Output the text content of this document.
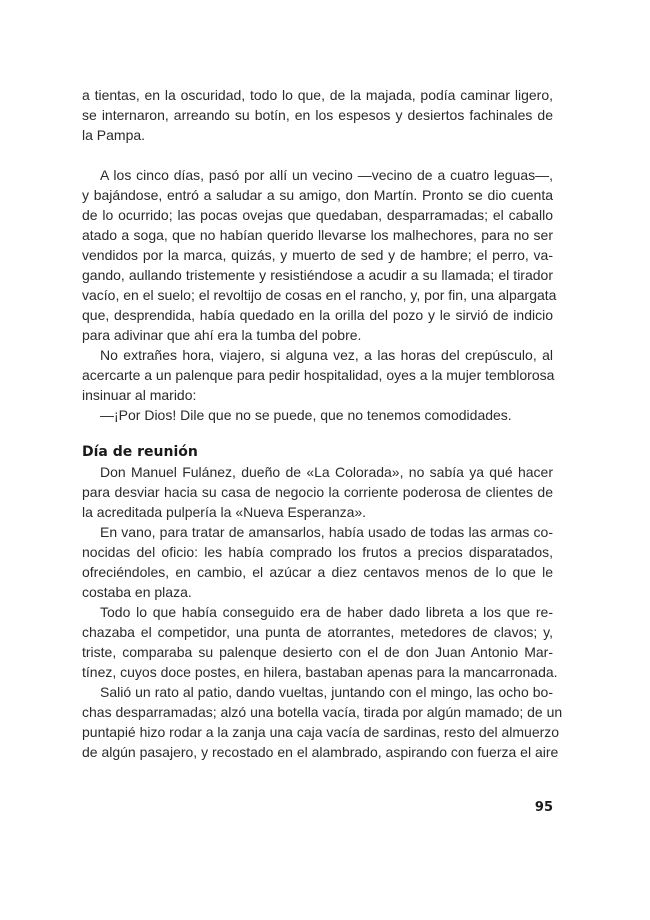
a tientas, en la oscuridad, todo lo que, de la majada, podía caminar ligero,
se internaron, arreando su botín, en los espesos y desiertos fachinales de
la Pampa.
A los cinco días, pasó por allí un vecino —vecino de a cuatro leguas—,
y bajándose, entró a saludar a su amigo, don Martín. Pronto se dio cuenta
de lo ocurrido; las pocas ovejas que quedaban, desparramadas; el caballo
atado a soga, que no habían querido llevarse los malhechores, para no ser
vendidos por la marca, quizás, y muerto de sed y de hambre; el perro, va-
gando, aullando tristemente y resistiéndose a acudir a su llamada; el tirador
vacío, en el suelo; el revoltijo de cosas en el rancho, y, por fin, una alpargata
que, desprendida, había quedado en la orilla del pozo y le sirvió de indicio
para adivinar que ahí era la tumba del pobre.
No extrañes hora, viajero, si alguna vez, a las horas del crepúsculo, al
acercarte a un palenque para pedir hospitalidad, oyes a la mujer temblorosa
insinuar al marido:
—¡Por Dios! Dile que no se puede, que no tenemos comodidades.
Día de reunión
Don Manuel Fulánez, dueño de «La Colorada», no sabía ya qué hacer
para desviar hacia su casa de negocio la corriente poderosa de clientes de
la acreditada pulpería la «Nueva Esperanza».
En vano, para tratar de amansarlos, había usado de todas las armas co-
nocidas del oficio: les había comprado los frutos a precios disparatados,
ofreciéndoles, en cambio, el azúcar a diez centavos menos de lo que le
costaba en plaza.
Todo lo que había conseguido era de haber dado libreta a los que re-
chazaba el competidor, una punta de atorrantes, metedores de clavos; y,
triste, comparaba su palenque desierto con el de don Juan Antonio Mar-
tínez, cuyos doce postes, en hilera, bastaban apenas para la mancarronada.
Salió un rato al patio, dando vueltas, juntando con el mingo, las ocho bo-
chas desparramadas; alzó una botella vacía, tirada por algún mamado; de un
puntapié hizo rodar a la zanja una caja vacía de sardinas, resto del almuerzo
de algún pasajero, y recostado en el alambrado, aspirando con fuerza el aire
95
